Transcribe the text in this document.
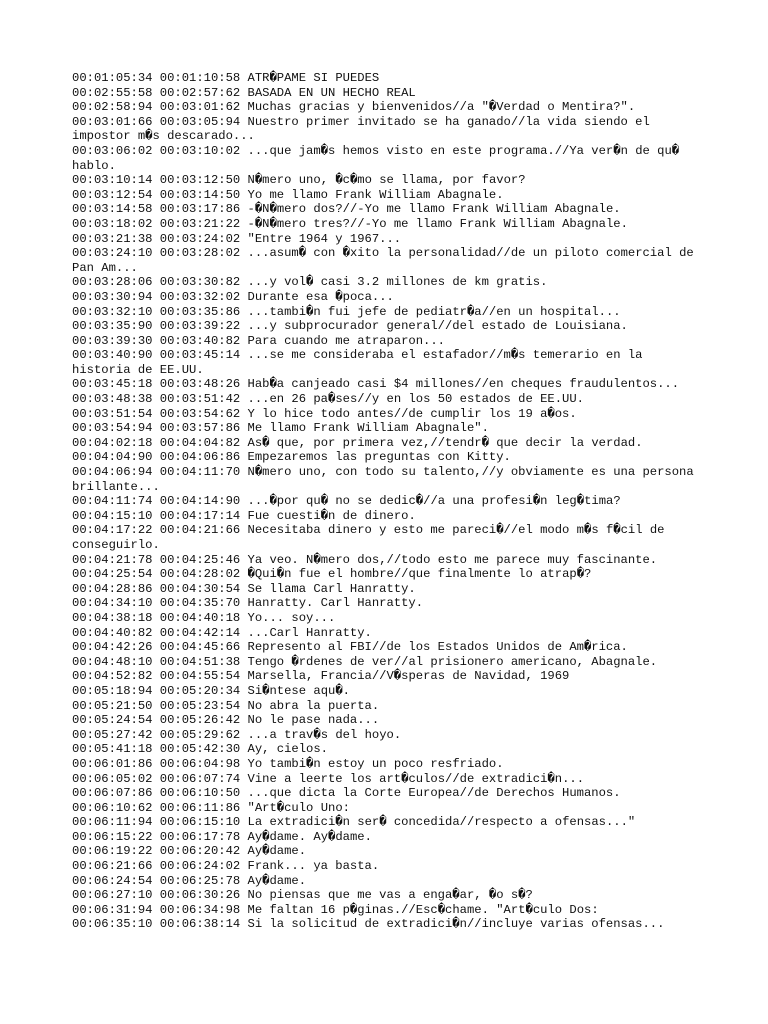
00:01:05:34 00:01:10:58 ATR�PAME SI PUEDES
00:02:55:58 00:02:57:62 BASADA EN UN HECHO REAL
00:02:58:94 00:03:01:62 Muchas gracias y bienvenidos//a "�Verdad o Mentira?".
00:03:01:66 00:03:05:94 Nuestro primer invitado se ha ganado//la vida siendo el impostor m�s descarado...
00:03:06:02 00:03:10:02 ...que jam�s hemos visto en este programa.//Ya ver�n de qu� hablo.
00:03:10:14 00:03:12:50 N�mero uno, �c�mo se llama, por favor?
00:03:12:54 00:03:14:50 Yo me llamo Frank William Abagnale.
00:03:14:58 00:03:17:86 -�N�mero dos?//-Yo me llamo Frank William Abagnale.
00:03:18:02 00:03:21:22 -�N�mero tres?//-Yo me llamo Frank William Abagnale.
00:03:21:38 00:03:24:02 "Entre 1964 y 1967...
00:03:24:10 00:03:28:02 ...asum� con �xito la personalidad//de un piloto comercial de Pan Am...
00:03:28:06 00:03:30:82 ...y vol� casi 3.2 millones de km gratis.
00:03:30:94 00:03:32:02 Durante esa �poca...
00:03:32:10 00:03:35:86 ...tambi�n fui jefe de pediatr�a//en un hospital...
00:03:35:90 00:03:39:22 ...y subprocurador general//del estado de Louisiana.
00:03:39:30 00:03:40:82 Para cuando me atraparon...
00:03:40:90 00:03:45:14 ...se me consideraba el estafador//m�s temerario en la historia de EE.UU.
00:03:45:18 00:03:48:26 Hab�a canjeado casi $4 millones//en cheques fraudulentos...
00:03:48:38 00:03:51:42 ...en 26 pa�ses//y en los 50 estados de EE.UU.
00:03:51:54 00:03:54:62 Y lo hice todo antes//de cumplir los 19 a�os.
00:03:54:94 00:03:57:86 Me llamo Frank William Abagnale".
00:04:02:18 00:04:04:82 As� que, por primera vez,//tendr� que decir la verdad.
00:04:04:90 00:04:06:86 Empezaremos las preguntas con Kitty.
00:04:06:94 00:04:11:70 N�mero uno, con todo su talento,//y obviamente es una persona brillante...
00:04:11:74 00:04:14:90 ...�por qu� no se dedic�//a una profesi�n leg�tima?
00:04:15:10 00:04:17:14 Fue cuesti�n de dinero.
00:04:17:22 00:04:21:66 Necesitaba dinero y esto me pareci�//el modo m�s f�cil de conseguirlo.
00:04:21:78 00:04:25:46 Ya veo. N�mero dos,//todo esto me parece muy fascinante.
00:04:25:54 00:04:28:02 �Qui�n fue el hombre//que finalmente lo atrap�?
00:04:28:86 00:04:30:54 Se llama Carl Hanratty.
00:04:34:10 00:04:35:70 Hanratty. Carl Hanratty.
00:04:38:18 00:04:40:18 Yo... soy...
00:04:40:82 00:04:42:14 ...Carl Hanratty.
00:04:42:26 00:04:45:66 Represento al FBI//de los Estados Unidos de Am�rica.
00:04:48:10 00:04:51:38 Tengo �rdenes de ver//al prisionero americano, Abagnale.
00:04:52:82 00:04:55:54 Marsella, Francia//V�speras de Navidad, 1969
00:05:18:94 00:05:20:34 Si�ntese aqu�.
00:05:21:50 00:05:23:54 No abra la puerta.
00:05:24:54 00:05:26:42 No le pase nada...
00:05:27:42 00:05:29:62 ...a trav�s del hoyo.
00:05:41:18 00:05:42:30 Ay, cielos.
00:06:01:86 00:06:04:98 Yo tambi�n estoy un poco resfriado.
00:06:05:02 00:06:07:74 Vine a leerte los art�culos//de extradici�n...
00:06:07:86 00:06:10:50 ...que dicta la Corte Europea//de Derechos Humanos.
00:06:10:62 00:06:11:86 "Art�culo Uno:
00:06:11:94 00:06:15:10 La extradici�n ser� concedida//respecto a ofensas..."
00:06:15:22 00:06:17:78 Ay�dame. Ay�dame.
00:06:19:22 00:06:20:42 Ay�dame.
00:06:21:66 00:06:24:02 Frank... ya basta.
00:06:24:54 00:06:25:78 Ay�dame.
00:06:27:10 00:06:30:26 No piensas que me vas a enga�ar, �o s�?
00:06:31:94 00:06:34:98 Me faltan 16 p�ginas.//Esc�chame. "Art�culo Dos:
00:06:35:10 00:06:38:14 Si la solicitud de extradici�n//incluye varias ofensas...
